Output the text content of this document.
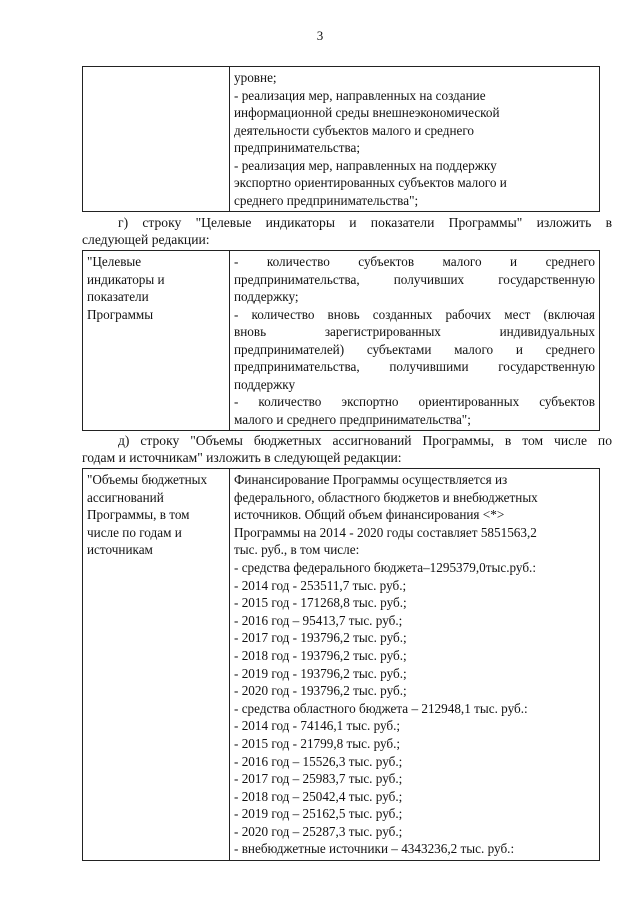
3

уровне;
- реализация мер, направленных на создание
информационной среды внешнеэкономической
деятельности субъектов малого и среднего
предпринимательства;
- реализация мер, направленных на поддержку
экспортно ориентированных субъектов малого и
среднего предпринимательства";
г) строку "Целевые индикаторы и показатели Программы" изложить в
следующей редакции:
"Целевые
индикаторы и
показатели
Программы

- количество субъектов малого и среднего
предпринимательства, получивших государственную
поддержку;
- количество вновь созданных рабочих мест (включая
вновь зарегистрированных индивидуальных
предпринимателей) субъектами малого и среднего
предпринимательства, получившими государственную
поддержку
- количество экспортно ориентированных субъектов
малого и среднего предпринимательства";
д) строку "Объемы бюджетных ассигнований Программы, в том числе по
годам и источникам" изложить в следующей редакции:
"Объемы бюджетных
ассигнований
Программы, в том
числе по годам и
источникам

Финансирование Программы осуществляется из
федерального, областного бюджетов и внебюджетных
источников. Общий объем финансирования <*>
Программы на 2014 - 2020 годы составляет 5851563,2
тыс. руб., в том числе:
- средства федерального бюджета–1295379,0тыс.руб.:
- 2014 год - 253511,7 тыс. руб.;
- 2015 год - 171268,8 тыс. руб.;
- 2016 год – 95413,7 тыс. руб.;
- 2017 год - 193796,2 тыс. руб.;
- 2018 год - 193796,2 тыс. руб.;
- 2019 год - 193796,2 тыс. руб.;
- 2020 год - 193796,2 тыс. руб.;
- средства областного бюджета – 212948,1 тыс. руб.:
- 2014 год - 74146,1 тыс. руб.;
- 2015 год - 21799,8 тыс. руб.;
- 2016 год – 15526,3 тыс. руб.;
- 2017 год – 25983,7 тыс. руб.;
- 2018 год – 25042,4 тыс. руб.;
- 2019 год – 25162,5 тыс. руб.;
- 2020 год – 25287,3 тыс. руб.;
- внебюджетные источники – 4343236,2 тыс. руб.:
